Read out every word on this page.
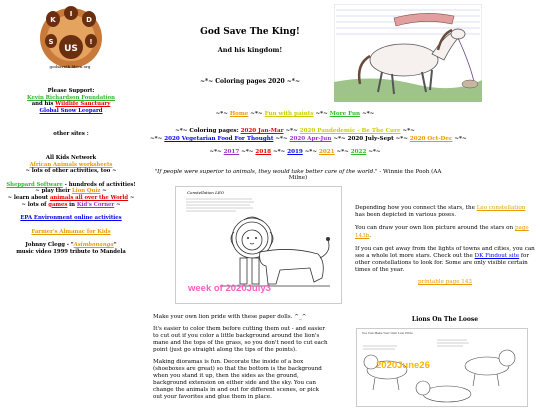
K
I
D
S	!
US
godsaveth ldren.org

Please Support:

Kevin Richardson Foundation

and his Wildlife Sanctuary

Global Snow Leopard

other sites :

All Kids Network

African Animals worksheets

~ lots of other activities, too ~

Sheppard Software - hundreds of activities!

~ play their Lion Quiz ~

~ learn about animals all over the World ~

~ lots of games in Kid's Corner ~

EPA Environment online activities

Farmer's Almanac for Kids

Johnny Clegg - "Asimbonanga"

music video 1999 tribute to Mandela

God Save The King!
And his kingdom!
~*~ Coloring pages 2020 ~*~
~*~ Home ~*~ Fun with paints ~*~ More Fun ~*~
~*~ Coloring pages: 2020 Jan-Mar ~*~ 2020 Pandedemic - Be The Cure ~*~
~*~ 2020 Vegetarian Food For Thought ~*~ 2020 Apr-Jun ~*~ 2020 July-Sept ~*~ 2020 Oct-Dec ~*~
~*~ 2017 ~*~ 2018 ~*~ 2019 ~*~ 2021 ~*~ 2022 ~*~
"If people were superior to animals, they would take better care of the world." - Winnie the Pooh (AA Milne)
Constellation LEO
week of 2020July3

Depending how you connect the stars, the Leo constellation has been depicted in various poses.

You can draw your own lion picture around the stars on page 143b.

If you can get away from the lights of towns and cities, you can see a whole lot more stars. Check out the DK Findout site for other constellations to look for. Some are only visible certain times of the year.

printable page 143

Make your own lion pride with these paper dolls. ^_^

It's easier to color them before cutting them out - and easier to cut out if you color a little background around the lion's mane and the tops of the grass, so you don't need to cut each point (just go straight along the tips of the points).

Making dioramas is fun. Decorate the inside of a box (shoeboxes are great) so that the bottom is the background when you stand it up, then the sides as the ground, background extension on either side and the sky. You can change the animals in and out for different scenes, or pick out your favorites and glue them in place.

Lions On The Loose
You Can Make Your Own Lion Pride
2020June26
